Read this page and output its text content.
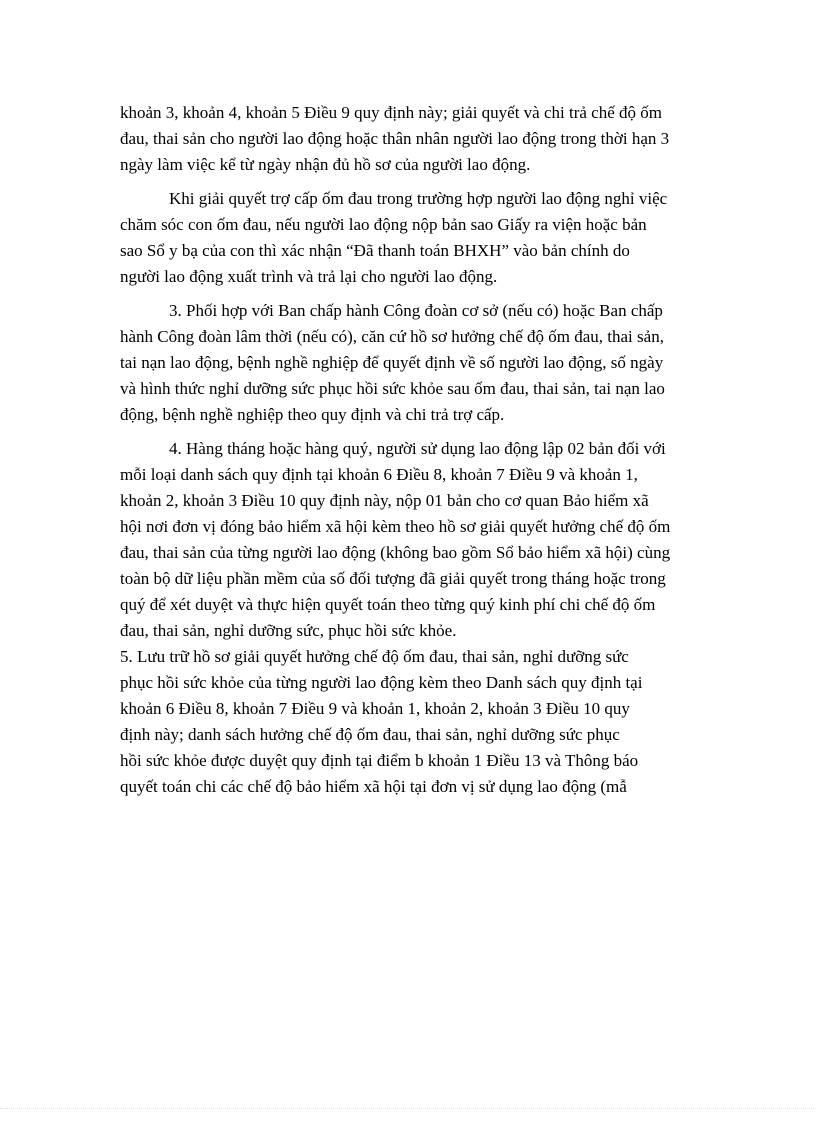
khoản 3, khoản 4, khoản 5 Điều 9 quy định này; giải quyết và chi trả chế độ ốm
đau, thai sản cho người lao động hoặc thân nhân người lao động trong thời hạn 3
ngày làm việc kể từ ngày nhận đủ hồ sơ của người lao động.
Khi giải quyết trợ cấp ốm đau trong trường hợp người lao động nghỉ việc
chăm sóc con ốm đau, nếu người lao động nộp bản sao Giấy ra viện hoặc bản
sao Sổ y bạ của con thì xác nhận “Đã thanh toán BHXH” vào bản chính do
người lao động xuất trình và trả lại cho người lao động.
3. Phối hợp với Ban chấp hành Công đoàn cơ sở (nếu có) hoặc Ban chấp
hành Công đoàn lâm thời (nếu có), căn cứ hồ sơ hưởng chế độ ốm đau, thai sản,
tai nạn lao động, bệnh nghề nghiệp để quyết định về số người lao động, số ngày
và hình thức nghỉ dưỡng sức phục hồi sức khỏe sau ốm đau, thai sản, tai nạn lao
động, bệnh nghề nghiệp theo quy định và chi trả trợ cấp.
4. Hàng tháng hoặc hàng quý, người sử dụng lao động lập 02 bản đối với
mỗi loại danh sách quy định tại khoản 6 Điều 8, khoản 7 Điều 9 và khoản 1,
khoản 2, khoản 3 Điều 10 quy định này, nộp 01 bản cho cơ quan Bảo hiểm xã
hội nơi đơn vị đóng bảo hiểm xã hội kèm theo hồ sơ giải quyết hưởng chế độ ốm
đau, thai sản của từng người lao động (không bao gồm Sổ bảo hiểm xã hội) cùng
toàn bộ dữ liệu phần mềm của số đối tượng đã giải quyết trong tháng hoặc trong
quý để xét duyệt và thực hiện quyết toán theo từng quý kinh phí chi chế độ ốm
đau, thai sản, nghỉ dưỡng sức, phục hồi sức khỏe.
5. Lưu trữ hồ sơ giải quyết hưởng chế độ ốm đau, thai sản, nghỉ dưỡng sức
phục hồi sức khỏe của từng người lao động kèm theo Danh sách quy định tại
khoản 6 Điều 8, khoản 7 Điều 9 và khoản 1, khoản 2, khoản 3 Điều 10 quy
định này; danh sách hưởng chế độ ốm đau, thai sản, nghỉ dưỡng sức phục
hồi sức khỏe được duyệt quy định tại điểm b khoản 1 Điều 13 và Thông báo
quyết toán chi các chế độ bảo hiểm xã hội tại đơn vị sử dụng lao động (mẫ
